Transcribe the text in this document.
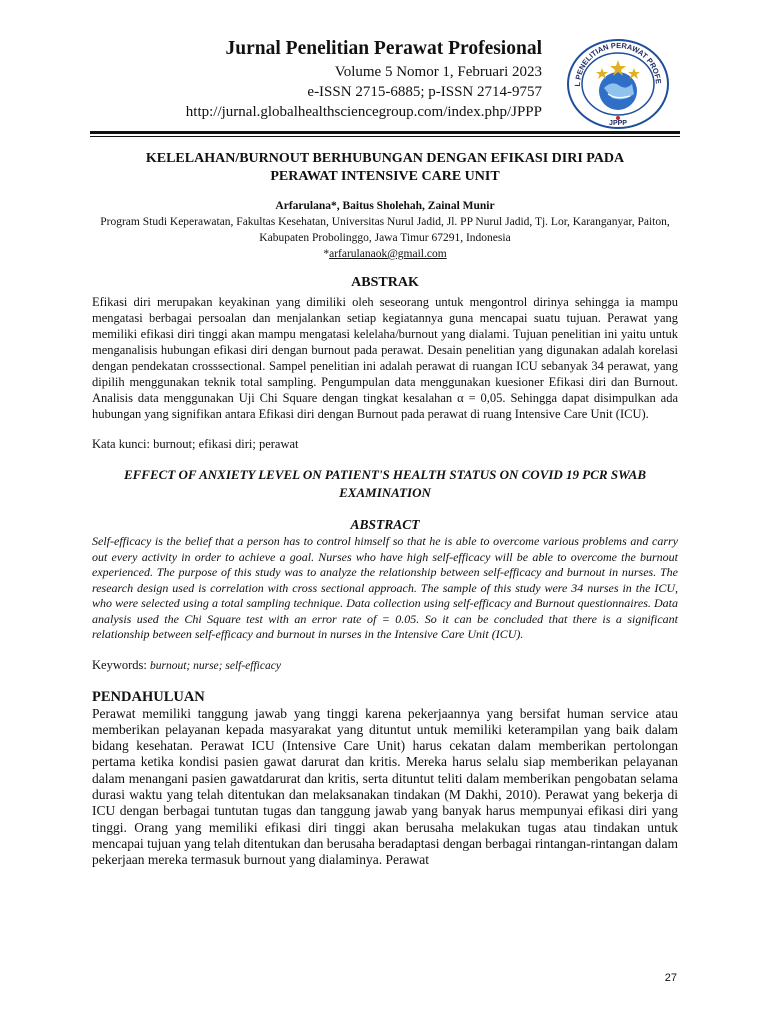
Jurnal Penelitian Perawat Profesional
Volume 5 Nomor 1, Februari 2023
e-ISSN 2715-6885; p-ISSN 2714-9757
http://jurnal.globalhealthsciencegroup.com/index.php/JPPP
L PENELITIAN PERAWAT PROFE
JPPP
KELELAHAN/BURNOUT BERHUBUNGAN DENGAN EFIKASI DIRI PADA PERAWAT INTENSIVE CARE UNIT
Arfarulana*, Baitus Sholehah, Zainal Munir
Program Studi Keperawatan, Fakultas Kesehatan, Universitas Nurul Jadid, Jl. PP Nurul Jadid, Tj. Lor, Karanganyar, Paiton, Kabupaten Probolinggo, Jawa Timur 67291, Indonesia
*arfarulanaok@gmail.com
ABSTRAK
Efikasi diri merupakan keyakinan yang dimiliki oleh seseorang untuk mengontrol dirinya sehingga ia mampu mengatasi berbagai persoalan dan menjalankan setiap kegiatannya guna mencapai suatu tujuan. Perawat yang memiliki efikasi diri tinggi akan mampu mengatasi kelelaha/burnout yang dialami. Tujuan penelitian ini yaitu untuk menganalisis hubungan efikasi diri dengan burnout pada perawat. Desain penelitian yang digunakan adalah korelasi dengan pendekatan crosssectional. Sampel penelitian ini adalah perawat di ruangan ICU sebanyak 34 perawat, yang dipilih menggunakan teknik total sampling. Pengumpulan data menggunakan kuesioner Efikasi diri dan Burnout. Analisis data menggunakan Uji Chi Square dengan tingkat kesalahan α = 0,05. Sehingga dapat disimpulkan ada hubungan yang signifikan antara Efikasi diri dengan Burnout pada perawat di ruang Intensive Care Unit (ICU).
Kata kunci: burnout; efikasi diri; perawat
EFFECT OF ANXIETY LEVEL ON PATIENT'S HEALTH STATUS ON COVID 19 PCR SWAB EXAMINATION
ABSTRACT
Self-efficacy is the belief that a person has to control himself so that he is able to overcome various problems and carry out every activity in order to achieve a goal. Nurses who have high self-efficacy will be able to overcome the burnout experienced. The purpose of this study was to analyze the relationship between self-efficacy and burnout in nurses. The research design used is correlation with cross sectional approach. The sample of this study were 34 nurses in the ICU, who were selected using a total sampling technique. Data collection using self-efficacy and Burnout questionnaires. Data analysis used the Chi Square test with an error rate of = 0.05. So it can be concluded that there is a significant relationship between self-efficacy and burnout in nurses in the Intensive Care Unit (ICU).
Keywords: burnout; nurse; self-efficacy
PENDAHULUAN
Perawat memiliki tanggung jawab yang tinggi karena pekerjaannya yang bersifat human service atau memberikan pelayanan kepada masyarakat yang dituntut untuk memiliki keterampilan yang baik dalam bidang kesehatan. Perawat ICU (Intensive Care Unit) harus cekatan dalam memberikan pertolongan pertama ketika kondisi pasien gawat darurat dan kritis. Mereka harus selalu siap memberikan pelayanan dalam menangani pasien gawatdarurat dan kritis, serta dituntut teliti dalam memberikan pengobatan selama durasi waktu yang telah ditentukan dan melaksanakan tindakan (M Dakhi, 2010). Perawat yang bekerja di ICU dengan berbagai tuntutan tugas dan tanggung jawab yang banyak harus mempunyai efikasi diri yang tinggi. Orang yang memiliki efikasi diri tinggi akan berusaha melakukan tugas atau tindakan untuk mencapai tujuan yang telah ditentukan dan berusaha beradaptasi dengan berbagai rintangan-rintangan dalam pekerjaan mereka termasuk burnout yang dialaminya. Perawat
27
